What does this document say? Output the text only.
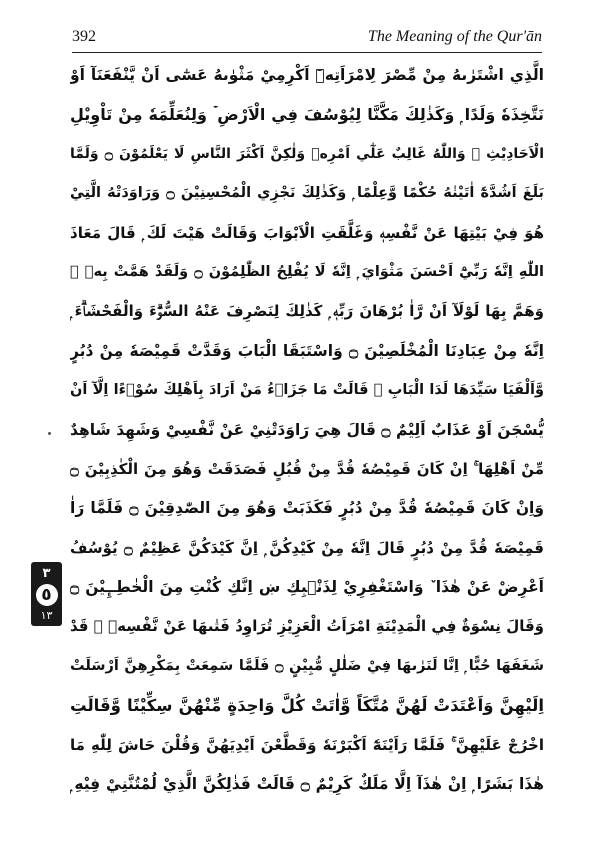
392	The Meaning of the Qur'ān
الَّذِي اشْتَرٰىهُ مِنْ مِّصْرَ لِامْرَاَتِهٖٓ اَكْرِمِيْ مَثْوٰىهُ عَسٰٓى اَنْ يَّنْفَعَنَآ اَوْ
نَتَّخِذَهٗ وَلَدًا ۭ وَكَذٰلِكَ مَكَّنَّا لِيُوْسُفَ فِي الْاَرْضِ ۡ وَلِنُعَلِّمَهٗ مِنْ تَاْوِيْلِ
الْاَحَادِيْثِ ۭ وَاللّٰهُ غَالِبٌ عَلٰٓي اَمْرِهٖ وَلٰكِنَّ اَكْثَرَ النَّاسِ لَا يَعْلَمُوْنَ ۝ وَلَمَّا
بَلَغَ اَشُدَّهٗٓ اٰتَيْنٰهُ حُكْمًا وَّعِلْمًا ۭ وَكَذٰلِكَ نَجْزِي الْمُحْسِنِيْنَ ۝ وَرَاوَدَتْهُ الَّتِيْ
هُوَ فِيْ بَيْتِهَا عَنْ نَّفْسِهٖ وَغَلَّقَتِ الْاَبْوَابَ وَقَالَتْ هَيْتَ لَكَ ۭ قَالَ مَعَاذَ
اللّٰهِ اِنَّهٗ رَبِّيْٓ اَحْسَنَ مَثْوَايَ ۭ اِنَّهٗ لَا يُفْلِحُ الظّٰلِمُوْنَ ۝ وَلَقَدْ هَمَّتْ بِهٖ ۚ
وَهَمَّ بِهَا لَوْلَآ اَنْ رَّاٰ بُرْهَانَ رَبِّهٖ ۭ كَذٰلِكَ لِنَصْرِفَ عَنْهُ السُّوْۗءَ وَالْفَحْشَاۗءَ ۭ
اِنَّهٗ مِنْ عِبَادِنَا الْمُخْلَصِيْنَ ۝ وَاسْتَبَقَا الْبَابَ وَقَدَّتْ قَمِيْصَهٗ مِنْ دُبُرٍ
وَّاَلْفَيَا سَيِّدَهَا لَدَا الْبَابِ ۭ قَالَتْ مَا جَزَاۗءُ مَنْ اَرَادَ بِاَهْلِكَ سُوْۗءًا اِلَّآ اَنْ
يُّسْجَنَ اَوْ عَذَابٌ اَلِيْمٌ ۝ قَالَ هِيَ رَاوَدَتْنِيْ عَنْ نَّفْسِيْ وَشَهِدَ شَاهِدٌ
مِّنْ اَهْلِهَا ۚ اِنْ كَانَ قَمِيْصُهٗ قُدَّ مِنْ قُبُلٍ فَصَدَقَتْ وَهُوَ مِنَ الْكٰذِبِيْنَ ۝
وَاِنْ كَانَ قَمِيْصُهٗ قُدَّ مِنْ دُبُرٍ فَكَذَبَتْ وَهُوَ مِنَ الصّٰدِقِيْنَ ۝ فَلَمَّا رَاٰ
قَمِيْصَهٗ قُدَّ مِنْ دُبُرٍ قَالَ اِنَّهٗ مِنْ كَيْدِكُنَّ ۭ اِنَّ كَيْدَكُنَّ عَظِيْمٌ ۝ يُوْسُفُ
اَعْرِضْ عَنْ هٰذَا ٚ وَاسْتَغْفِرِيْ لِذَنْۢبِكِ ښ اِنَّكِ كُنْتِ مِنَ الْخٰطِــِٕيْنَ ۝
وَقَالَ نِسْوَةٌ فِي الْمَدِيْنَةِ امْرَاَتُ الْعَزِيْزِ تُرَاوِدُ فَتٰىهَا عَنْ نَّفْسِهٖ ۚ قَدْ
شَغَفَهَا حُبًّا ۭ اِنَّا لَنَرٰىهَا فِيْ ضَلٰلٍ مُّبِيْنٍ ۝ فَلَمَّا سَمِعَتْ بِمَكْرِهِنَّ اَرْسَلَتْ
اِلَيْهِنَّ وَاَعْتَدَتْ لَهُنَّ مُتَّكَاً وَّاٰتَتْ كُلَّ وَاحِدَةٍ مِّنْهُنَّ سِكِّيْنًا وَّقَالَتِ
اخْرُجْ عَلَيْهِنَّ ۚ فَلَمَّا رَاَيْنَهٗٓ اَكْبَرْنَهٗ وَقَطَّعْنَ اَيْدِيَهُنَّ وَقُلْنَ حَاشَ لِلّٰهِ مَا
هٰذَا بَشَرًا ۭ اِنْ هٰذَآ اِلَّا مَلَكٌ كَرِيْمٌ ۝ قَالَتْ فَذٰلِكُنَّ الَّذِيْ لُمْتُنَّنِيْ فِيْهِ ۭ
٣
٥
١٣
